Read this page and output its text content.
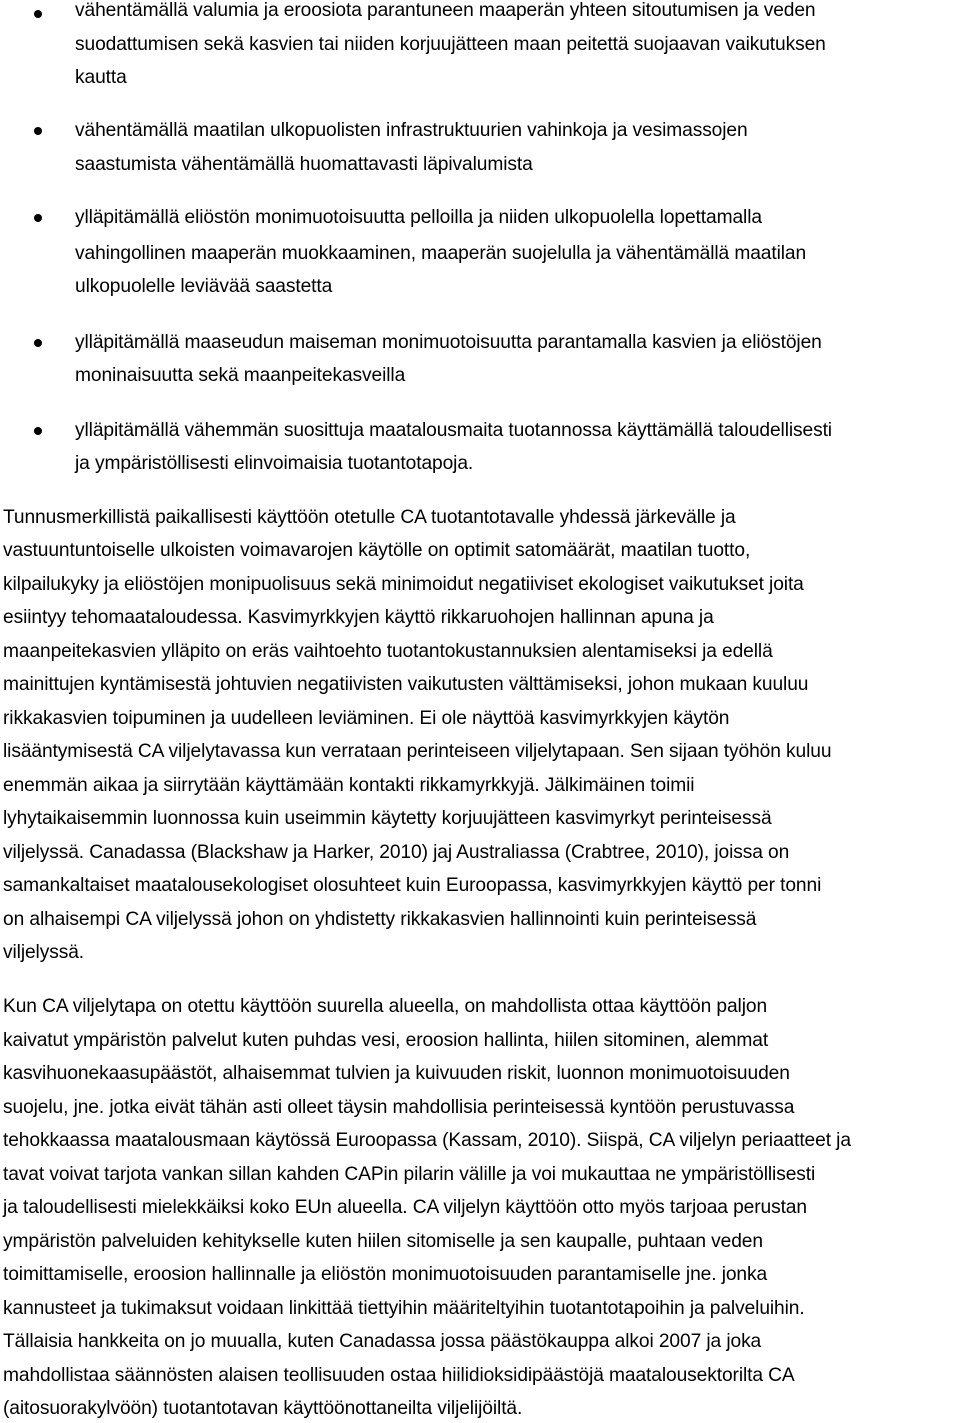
vähentämällä valumia ja eroosiota parantuneen maaperän yhteen sitoutumisen ja veden
suodattumisen sekä kasvien tai niiden korjuujätteen maan peitettä suojaavan vaikutuksen
kautta
vähentämällä maatilan ulkopuolisten infrastruktuurien vahinkoja ja vesimassojen
saastumista vähentämällä huomattavasti läpivalumista
ylläpitämällä eliöstön monimuotoisuutta pelloilla ja niiden ulkopuolella lopettamalla
vahingollinen maaperän muokkaaminen, maaperän suojelulla ja vähentämällä maatilan
ulkopuolelle leviävää saastetta
ylläpitämällä maaseudun maiseman monimuotoisuutta parantamalla kasvien ja eliöstöjen
moninaisuutta sekä maanpeitekasveilla
ylläpitämällä vähemmän suosittuja maatalousmaita tuotannossa käyttämällä taloudellisesti
ja ympäristöllisesti elinvoimaisia tuotantotapoja.
Tunnusmerkillistä paikallisesti käyttöön otetulle CA tuotantotavalle yhdessä järkevälle ja
vastuuntuntoiselle ulkoisten voimavarojen käytölle on optimit satomäärät, maatilan tuotto,
kilpailukyky ja eliöstöjen monipuolisuus sekä minimoidut negatiiviset ekologiset vaikutukset joita
esiintyy tehomaataloudessa. Kasvimyrkkyjen käyttö rikkaruohojen hallinnan apuna ja
maanpeitekasvien ylläpito on eräs vaihtoehto tuotantokustannuksien alentamiseksi ja edellä
mainittujen kyntämisestä johtuvien negatiivisten vaikutusten välttämiseksi, johon mukaan kuuluu
rikkakasvien toipuminen ja uudelleen leviäminen. Ei ole näyttöä kasvimyrkkyjen käytön
lisääntymisestä CA viljelytavassa kun verrataan perinteiseen viljelytapaan. Sen sijaan työhön kuluu
enemmän aikaa ja siirrytään käyttämään kontakti rikkamyrkkyjä. Jälkimäinen toimii
lyhytaikaisemmin luonnossa kuin useimmin käytetty korjuujätteen kasvimyrkyt perinteisessä
viljelyssä. Canadassa (Blackshaw ja Harker, 2010) jaj Australiassa (Crabtree, 2010), joissa on
samankaltaiset maatalousekologiset olosuhteet kuin Euroopassa, kasvimyrkkyjen käyttö per tonni
on alhaisempi CA viljelyssä johon on yhdistetty rikkakasvien hallinnointi kuin perinteisessä
viljelyssä.
Kun CA viljelytapa on otettu käyttöön suurella alueella, on mahdollista ottaa käyttöön paljon
kaivatut ympäristön palvelut kuten puhdas vesi, eroosion hallinta, hiilen sitominen, alemmat
kasvihuonekaasupäästöt, alhaisemmat tulvien ja kuivuuden riskit, luonnon monimuotoisuuden
suojelu, jne. jotka eivät tähän asti olleet täysin mahdollisia perinteisessä kyntöön perustuvassa
tehokkaassa maatalousmaan käytössä Euroopassa (Kassam, 2010). Siispä, CA viljelyn periaatteet ja
tavat voivat tarjota vankan sillan kahden CAPin pilarin välille ja voi mukauttaa ne ympäristöllisesti
ja taloudellisesti mielekkäiksi koko EUn alueella. CA viljelyn käyttöön otto myös tarjoaa perustan
ympäristön palveluiden kehitykselle kuten hiilen sitomiselle ja sen kaupalle, puhtaan veden
toimittamiselle, eroosion hallinnalle ja eliöstön monimuotoisuuden parantamiselle jne. jonka
kannusteet ja tukimaksut voidaan linkittää tiettyihin määriteltyihin tuotantotapoihin ja palveluihin.
Tällaisia hankkeita on jo muualla, kuten Canadassa jossa päästökauppa alkoi 2007 ja joka
mahdollistaa säännösten alaisen teollisuuden ostaa hiilidioksidipäästöjä maatalousektorilta CA
(aitosuorakylvöön) tuotantotavan käyttöönottaneilta viljelijöiltä.
